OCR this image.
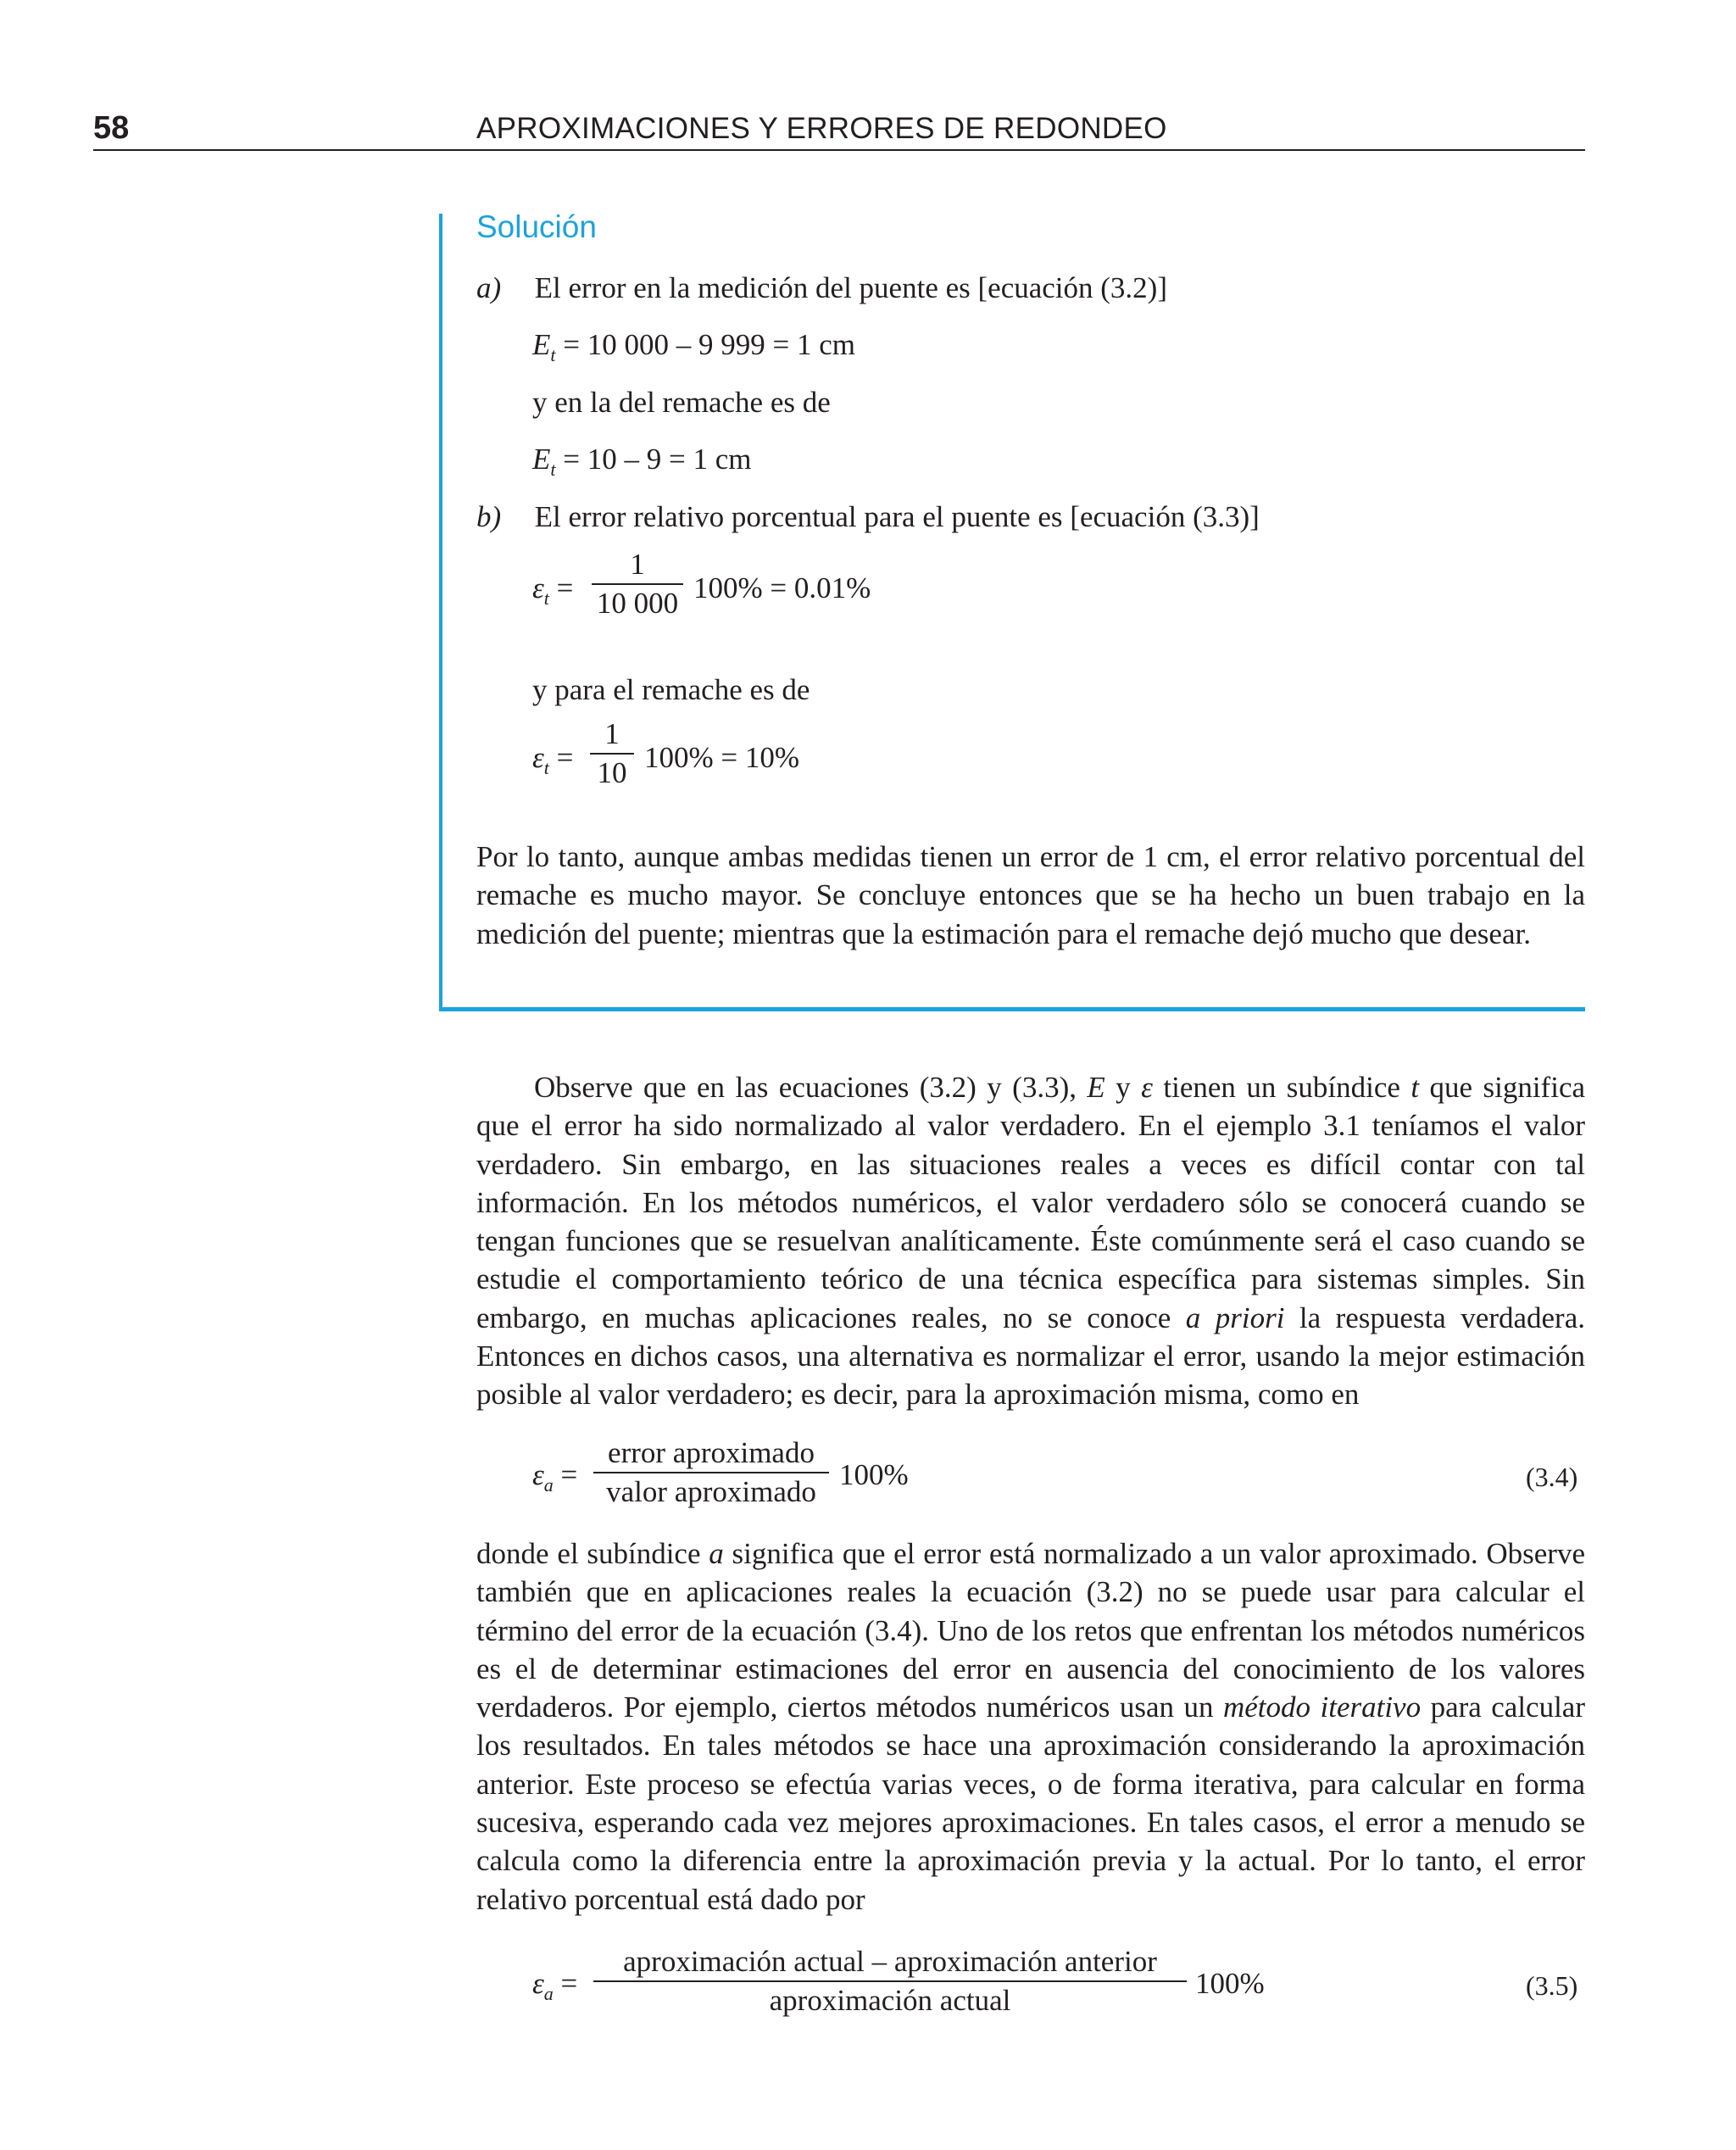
58	APROXIMACIONES Y ERRORES DE REDONDEO
Solución
a) El error en la medición del puente es [ecuación (3.2)]
$E_t = 10$ 000 – 9 999 = 1 cm
y en la del remache es de
$E_t = 10 - 9 = 1$ cm
b) El error relativo porcentual para el puente es [ecuación (3.3)]
$\varepsilon_t$ =
1
10 000 100% = 0.01%
y para el remache es de
$\varepsilon_t$ =
1
10 100% = 10%

Por lo tanto, aunque ambas medidas tienen un error de 1 cm, el error relativo porcentual del remache es mucho mayor. Se concluye entonces que se ha hecho un buen trabajo en la medición del puente; mientras que la estimación para el remache dejó mucho que desear.

Observe que en las ecuaciones (3.2) y (3.3), E y ε tienen un subíndice t que significa que el error ha sido normalizado al valor verdadero. En el ejemplo 3.1 teníamos el valor verdadero. Sin embargo, en las situaciones reales a veces es difícil contar con tal información. En los métodos numéricos, el valor verdadero sólo se conocerá cuando se tengan funciones que se resuelvan analíticamente. Éste comúnmente será el caso cuando se estudie el comportamiento teórico de una técnica específica para sistemas simples. Sin embargo, en muchas aplicaciones reales, no se conoce a priori la respuesta verdadera. Entonces en dichos casos, una alternativa es normalizar el error, usando la mejor estimación posible al valor verdadero; es decir, para la aproximación misma, como en

$\varepsilon_a$ =
error aproximado
valor aproximado
100%	(3.4)

donde el subíndice a significa que el error está normalizado a un valor aproximado. Observe también que en aplicaciones reales la ecuación (3.2) no se puede usar para calcular el término del error de la ecuación (3.4). Uno de los retos que enfrentan los métodos numéricos es el de determinar estimaciones del error en ausencia del conocimiento de los valores verdaderos. Por ejemplo, ciertos métodos numéricos usan un método iterativo para calcular los resultados. En tales métodos se hace una aproximación considerando la aproximación anterior. Este proceso se efectúa varias veces, o de forma iterativa, para calcular en forma sucesiva, esperando cada vez mejores aproximaciones. En tales casos, el error a menudo se calcula como la diferencia entre la aproximación previa y la actual. Por lo tanto, el error relativo porcentual está dado por

$\varepsilon_a$ =
aproximación actual – aproximación anterior
aproximación actual
100%	(3.5)
